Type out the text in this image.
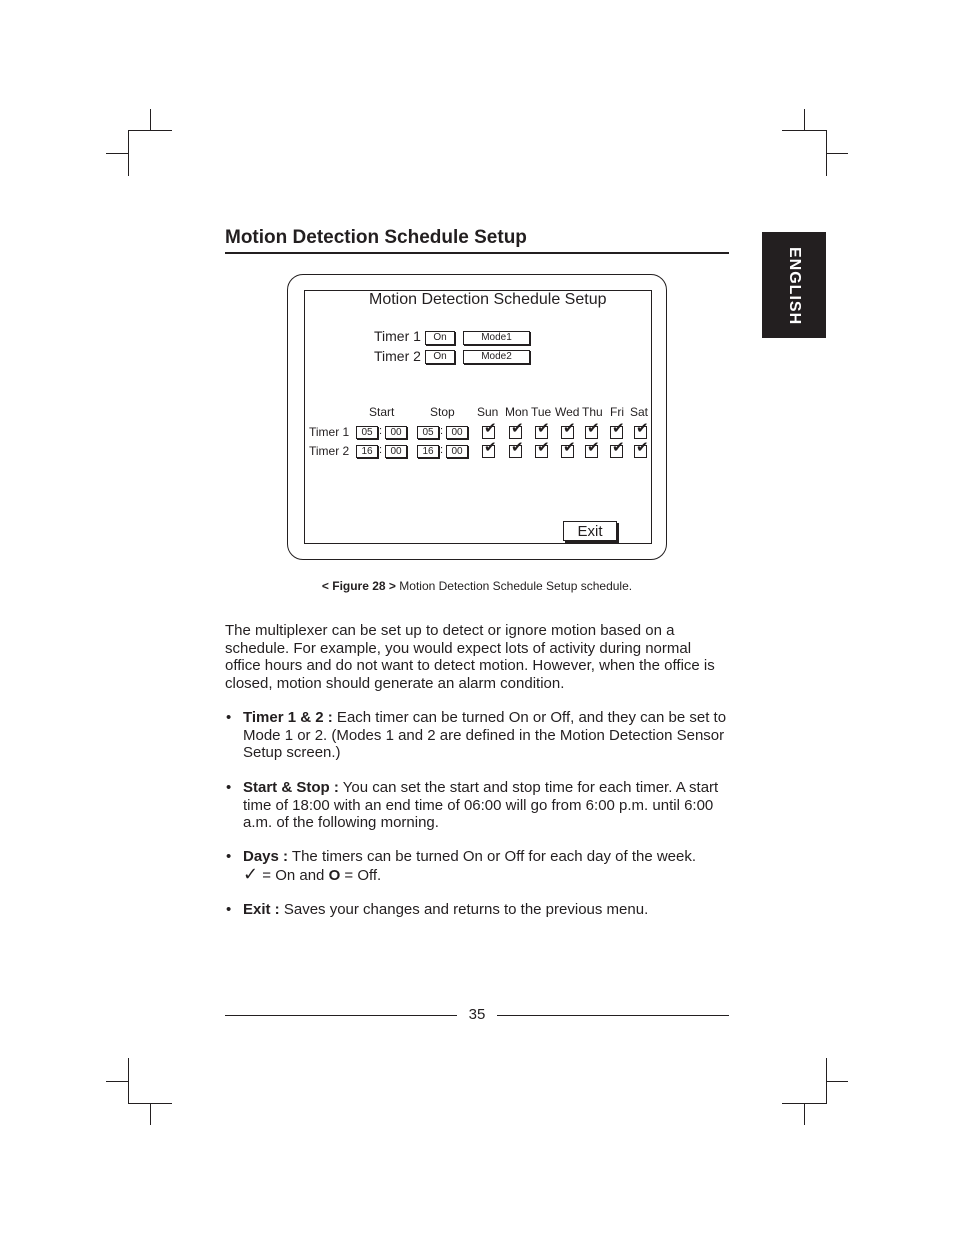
ENGLISH
Motion Detection Schedule Setup
Motion Detection Schedule Setup
Timer 1	On	Mode1
Timer 2	On	Mode2
Start	Stop Sun Mon Tue Wed Thu Fri Sat
Timer 1	05 : 00	05 : 00	✔ ✔ ✔ ✔ ✔ ✔ ✔
Timer 2	16 : 00	16 : 00	✔ ✔ ✔ ✔ ✔ ✔ ✔
Exit
< Figure 28 > Motion Detection Schedule Setup schedule.

The multiplexer can be set up to detect or ignore motion based on a schedule. For example, you would expect lots of activity during normal office hours and do not want to detect motion. However, when the office is closed, motion should generate an alarm condition.

• Timer 1 & 2 : Each timer can be turned On or Off, and they can be set to Mode 1 or 2. (Modes 1 and 2 are defined in the Motion Detection Sensor Setup screen.)
• Start & Stop : You can set the start and stop time for each timer. A start time of 18:00 with an end time of 06:00 will go from 6:00 p.m. until 6:00 a.m. of the following morning.
• Days : The timers can be turned On or Off for each day of the week.
✓ = On and O = Off.
• Exit : Saves your changes and returns to the previous menu.
35
